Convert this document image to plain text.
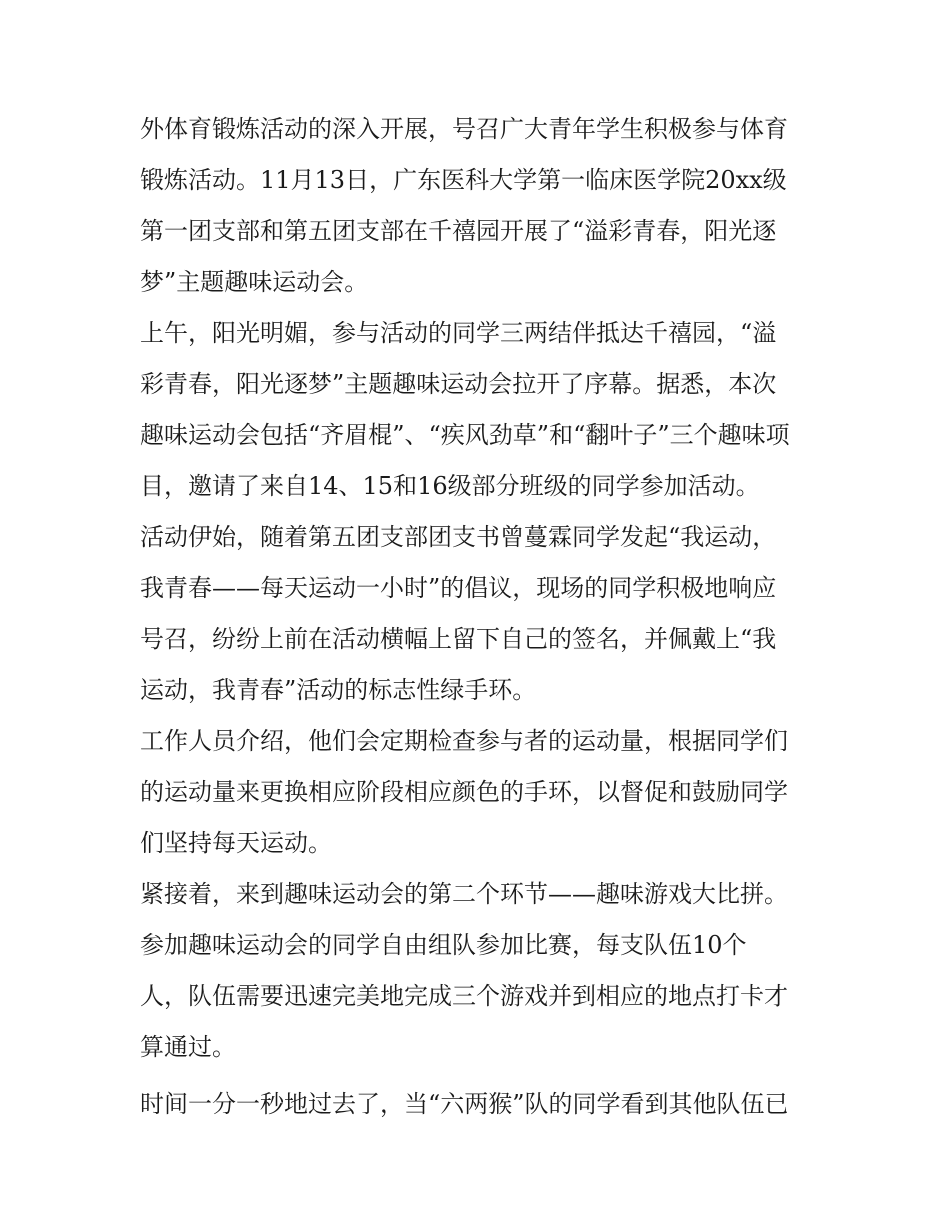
外体育锻炼活动的深入开展，号召广大青年学生积极参与体育
锻炼活动。11月13日，广东医科大学第一临床医学院20xx级
第一团支部和第五团支部在千禧园开展了“溢彩青春，阳光逐
梦”主题趣味运动会。
上午，阳光明媚，参与活动的同学三两结伴抵达千禧园，“溢
彩青春，阳光逐梦”主题趣味运动会拉开了序幕。据悉，本次
趣味运动会包括“齐眉棍”、“疾风劲草”和“翻叶子”三个趣味项
目，邀请了来自14、15和16级部分班级的同学参加活动。
活动伊始，随着第五团支部团支书曾蔓霖同学发起“我运动，
我青春——每天运动一小时”的倡议，现场的同学积极地响应
号召，纷纷上前在活动横幅上留下自己的签名，并佩戴上“我
运动，我青春”活动的标志性绿手环。
工作人员介绍，他们会定期检查参与者的运动量，根据同学们
的运动量来更换相应阶段相应颜色的手环，以督促和鼓励同学
们坚持每天运动。
紧接着，来到趣味运动会的第二个环节——趣味游戏大比拼。
参加趣味运动会的同学自由组队参加比赛，每支队伍10个
人，队伍需要迅速完美地完成三个游戏并到相应的地点打卡才
算通过。
时间一分一秒地过去了，当“六两猴”队的同学看到其他队伍已
